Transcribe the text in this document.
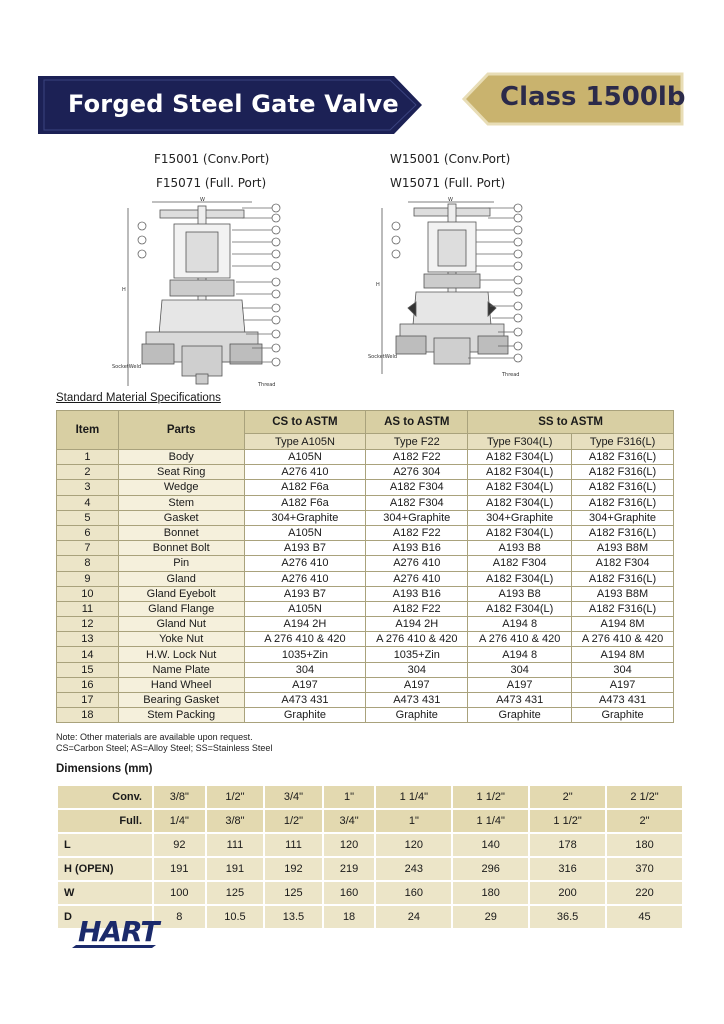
Forged Steel Gate Valve	Class 1500lb
F15001 (Conv.Port)
F15071 (Full. Port)
W15001 (Conv.Port)
W15071 (Full. Port)
W
H
SocketWeld
Thread
W
H
SocketWeld
Thread
Standard Material Specifications
Item	Parts	CS to ASTM	AS to ASTM	SS to ASTM	
		Type A105N	Type F22	Type F304(L)	Type F316(L)
1	Body	A105N	A182 F22	A182 F304(L)	A182 F316(L)
2	Seat Ring	A276 410	A276 304	A182 F304(L)	A182 F316(L)
3	Wedge	A182 F6a	A182 F304	A182 F304(L)	A182 F316(L)
4	Stem	A182 F6a	A182 F304	A182 F304(L)	A182 F316(L)
5	Gasket	304+Graphite	304+Graphite	304+Graphite	304+Graphite
6	Bonnet	A105N	A182 F22	A182 F304(L)	A182 F316(L)
7	Bonnet Bolt	A193 B7	A193 B16	A193 B8	A193 B8M
8	Pin	A276 410	A276 410	A182 F304	A182 F304
9	Gland	A276 410	A276 410	A182 F304(L)	A182 F316(L)
10	Gland Eyebolt	A193 B7	A193 B16	A193 B8	A193 B8M
11	Gland Flange	A105N	A182 F22	A182 F304(L)	A182 F316(L)
12	Gland Nut	A194 2H	A194 2H	A194 8	A194 8M
13	Yoke Nut	A 276 410 & 420	A 276 410 & 420	A 276 410 & 420	A 276 410 & 420
14	H.W. Lock Nut	1035+Zin	1035+Zin	A194 8	A194 8M
15	Name Plate	304	304	304	304
16	Hand Wheel	A197	A197	A197	A197
17	Bearing Gasket	A473 431	A473 431	A473 431	A473 431
18	Stem Packing	Graphite	Graphite	Graphite	Graphite
Note: Other materials are available upon request.
CS=Carbon Steel; AS=Alloy Steel; SS=Stainless Steel
Dimensions (mm)
Conv.	3/8"	1/2"	3/4"	1"	1 1/4"	1 1/2"	2"	2 1/2"
Full.	1/4"	3/8"	1/2"	3/4"	1"	1 1/4"	1 1/2"	2"
L	92	111	111	120	120	140	178	180
H (OPEN)	191	191	192	219	243	296	316	370
W	100	125	125	160	160	180	200	220
D	8	10.5	13.5	18	24	29	36.5	45
HART
